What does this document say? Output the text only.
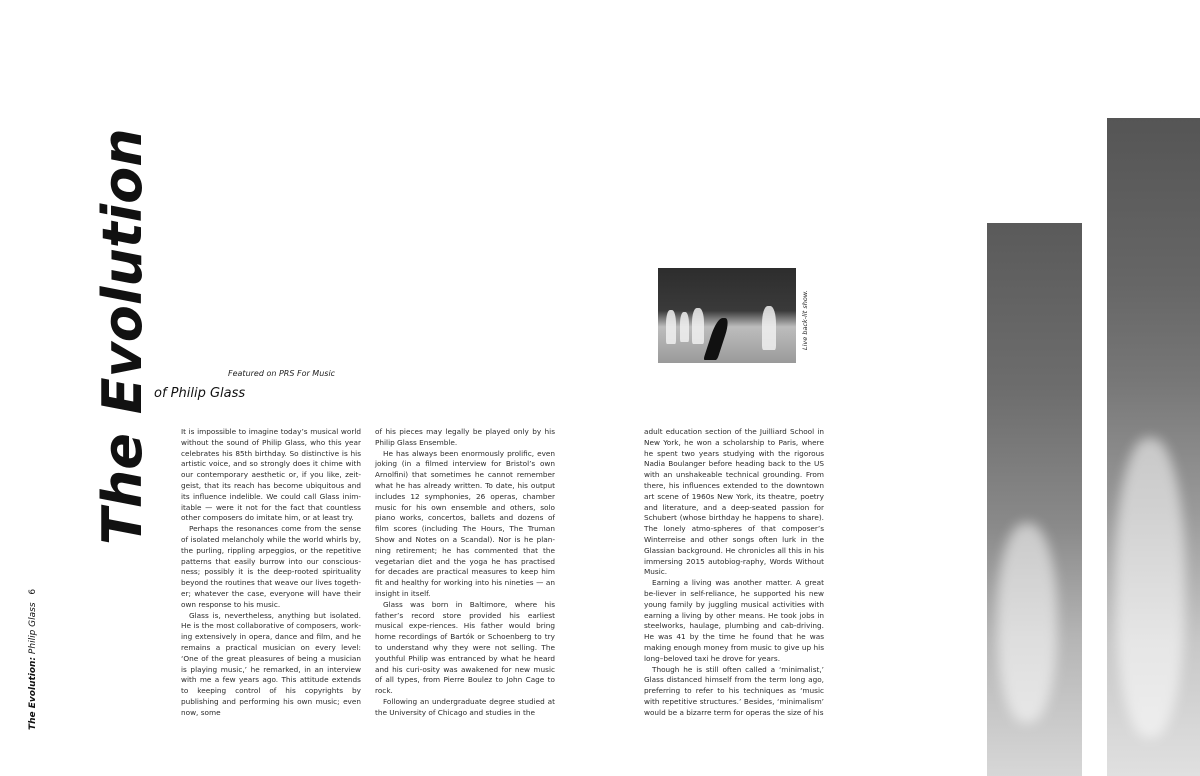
The Evolution	Featured on PRS For Music
of Philip Glass
The Evolution: Philip Glass 6

It is impossible to imagine today’s musical world without the sound of Philip Glass, who this year celebrates his 85th birthday. So distinctive is his artistic voice, and so strongly does it chime with our contemporary aesthetic or, if you like, zeit-geist, that its reach has become ubiquitous and its influence indelible. We could call Glass inim-itable — were it not for the fact that countless other composers do imitate him, or at least try.

Perhaps the resonances come from the sense of isolated melancholy while the world whirls by, the purling, rippling arpeggios, or the repetitive patterns that easily burrow into our conscious-ness; possibly it is the deep-rooted spirituality beyond the routines that weave our lives togeth-er; whatever the case, everyone will have their own response to his music.

Glass is, nevertheless, anything but isolated. He is the most collaborative of composers, work-ing extensively in opera, dance and film, and he remains a practical musician on every level: ‘One of the great pleasures of being a musician is playing music,’ he remarked, in an interview with me a few years ago. This attitude extends to keeping control of his copyrights by publishing and performing his own music; even now, some

of his pieces may legally be played only by his Philip Glass Ensemble.

He has always been enormously prolific, even joking (in a filmed interview for Bristol’s own Arnolfini) that sometimes he cannot remember what he has already written. To date, his output includes 12 symphonies, 26 operas, chamber music for his own ensemble and others, solo piano works, concertos, ballets and dozens of film scores (including The Hours, The Truman Show and Notes on a Scandal). Nor is he plan-ning retirement; he has commented that the vegetarian diet and the yoga he has practised for decades are practical measures to keep him fit and healthy for working into his nineties — an insight in itself.

Glass was born in Baltimore, where his father’s record store provided his earliest musical expe-riences. His father would bring home recordings of Bartók or Schoenberg to try to understand why they were not selling. The youthful Philip was entranced by what he heard and his curi-osity was awakened for new music of all types, from Pierre Boulez to John Cage to rock.

Following an undergraduate degree studied at the University of Chicago and studies in the

adult education section of the Juilliard School in New York, he won a scholarship to Paris, where he spent two years studying with the rigorous Nadia Boulanger before heading back to the US with an unshakeable technical grounding. From there, his influences extended to the downtown art scene of 1960s New York, its theatre, poetry and literature, and a deep-seated passion for Schubert (whose birthday he happens to share). The lonely atmo-spheres of that composer’s Winterreise and other songs often lurk in the Glassian background. He chronicles all this in his immersing 2015 autobiog-raphy, Words Without Music.

Earning a living was another matter. A great be-liever in self-reliance, he supported his new young family by juggling musical activities with earning a living by other means. He took jobs in steelworks, haulage, plumbing and cab-driving. He was 41 by the time he found that he was making enough money from music to give up his long–beloved taxi he drove for years.

Though he is still often called a ‘minimalist,’ Glass distanced himself from the term long ago, preferring to refer to his techniques as ‘music with repetitive structures.’ Besides, ‘minimalism’ would be a bizarre term for operas the size of his

Live back-lit show.
